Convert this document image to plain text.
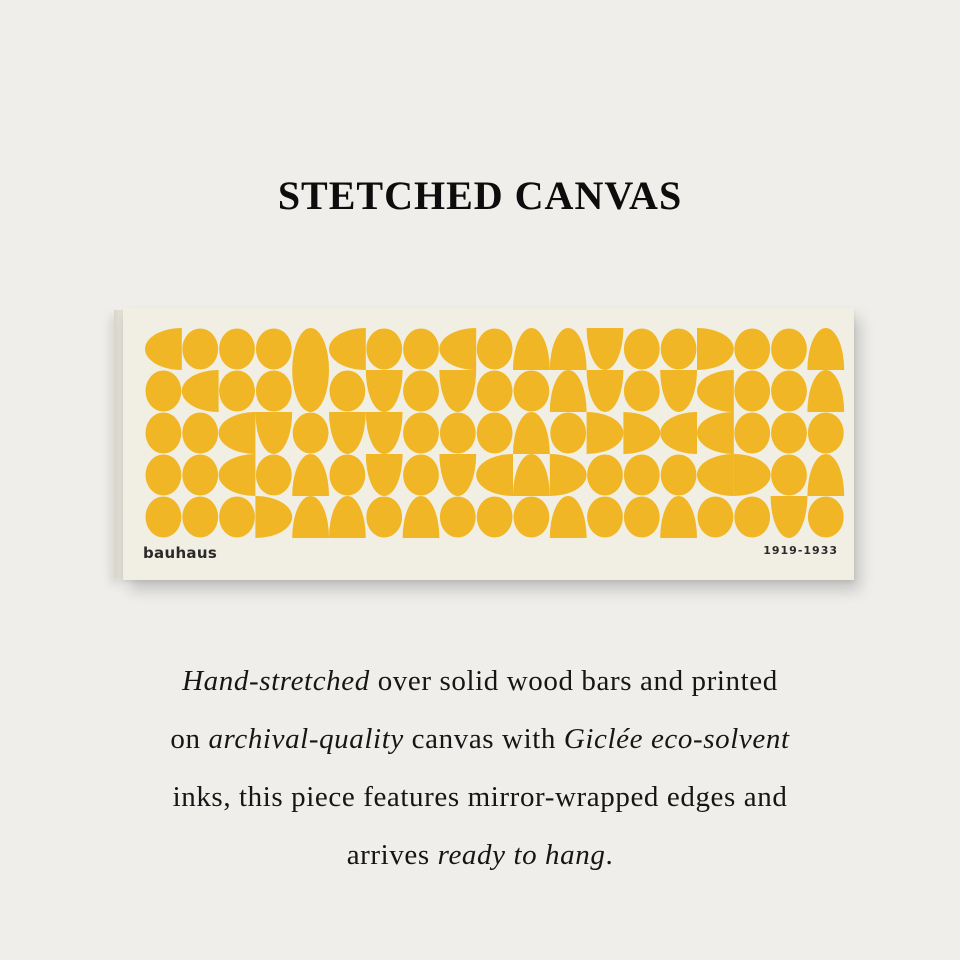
STETCHED CANVAS
bauhaus	1919-1933
Hand-stretched over solid wood bars and printed
on archival-quality canvas with Giclée eco-solvent
inks, this piece features mirror-wrapped edges and
arrives ready to hang.
